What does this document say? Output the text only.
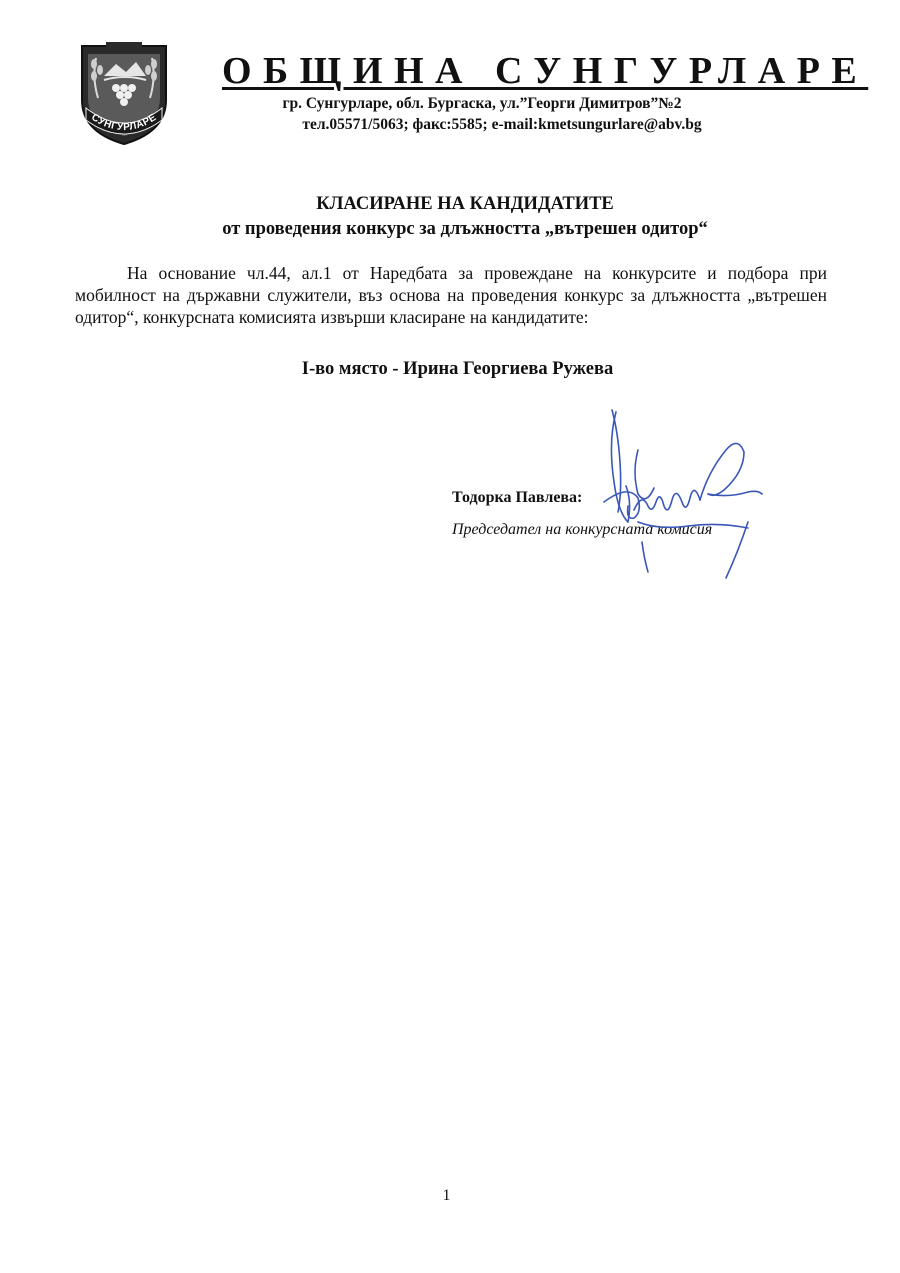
СУНГУРЛАРЕ
ОБЩИНА СУНГУРЛАРЕ
гр. Сунгурларе, обл. Бургаска, ул.”Георги Димитров”№2
тел.05571/5063; факс:5585; e-mail:kmetsungurlare@abv.bg
КЛАСИРАНЕ НА КАНДИДАТИТЕ
от проведения конкурс за длъжността „вътрешен одитор“
На основание чл.44, ал.1 от Наредбата за провеждане на конкурсите и подбора при мобилност на държавни служители, въз основа на проведения конкурс за длъжността „вътрешен одитор“, конкурсната комисията извърши класиране на кандидатите:
I-во място - Ирина Георгиева Ружева
Тодорка Павлева:
Председател на конкурсната комисия
1
